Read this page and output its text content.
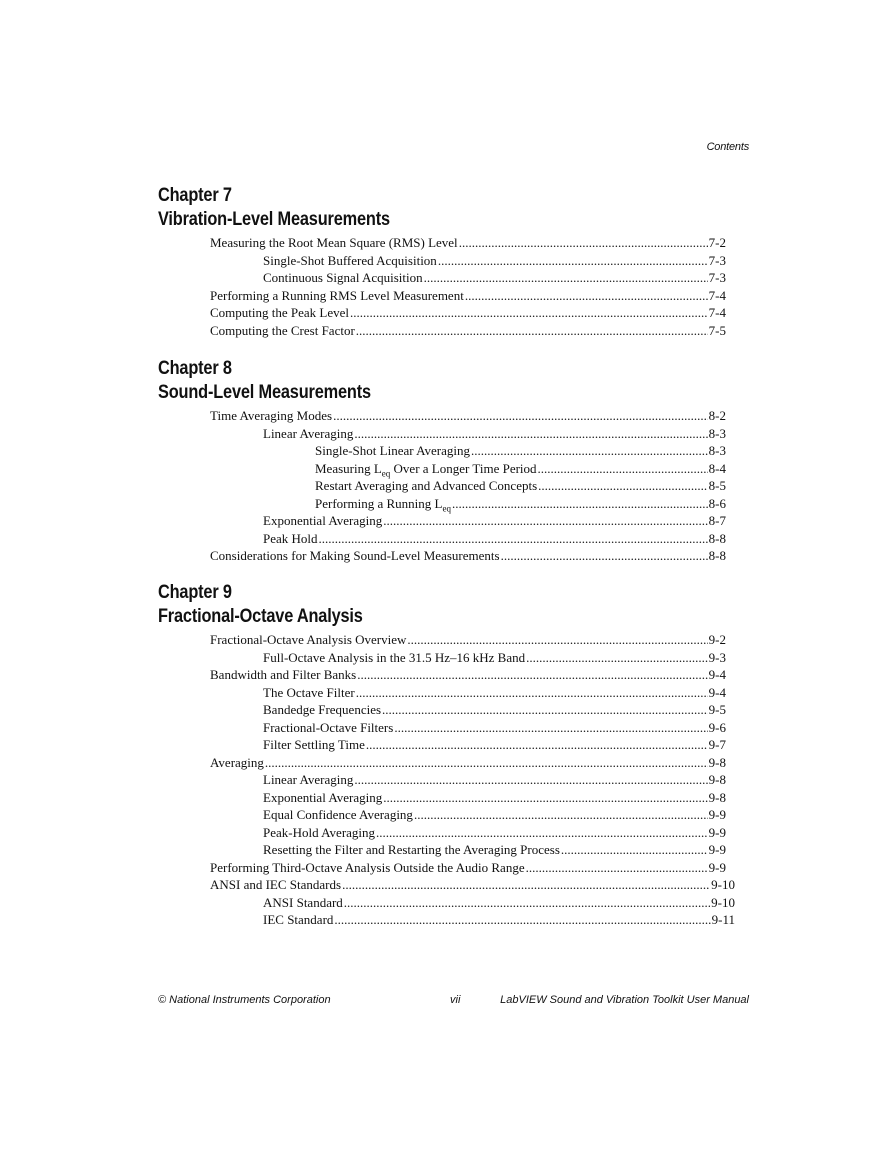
Contents
Chapter 7
Vibration-Level Measurements
Measuring the Root Mean Square (RMS) Level .....	7-2
Single-Shot Buffered Acquisition .....	7-3
Continuous Signal Acquisition .....	7-3
Performing a Running RMS Level Measurement .....	7-4
Computing the Peak Level .....	7-4
Computing the Crest Factor .....	7-5
Chapter 8
Sound-Level Measurements
Time Averaging Modes .....	8-2
Linear Averaging .....	8-3
Single-Shot Linear Averaging .....	8-3
Measuring $L_{eq}$ Over a Longer Time Period .....	8-4
Restart Averaging and Advanced Concepts .....	8-5
Performing a Running $L_{eq}$ .....	8-6
Exponential Averaging .....	8-7
Peak Hold .....	8-8
Considerations for Making Sound-Level Measurements .....	8-8
Chapter 9
Fractional-Octave Analysis
Fractional-Octave Analysis Overview .....	9-2
Full-Octave Analysis in the 31.5 Hz–16 kHz Band .....	9-3
Bandwidth and Filter Banks .....	9-4
The Octave Filter .....	9-4
Bandedge Frequencies .....	9-5
Fractional-Octave Filters .....	9-6
Filter Settling Time .....	9-7
Averaging .....	9-8
Linear Averaging .....	9-8
Exponential Averaging .....	9-8
Equal Confidence Averaging .....	9-9
Peak-Hold Averaging .....	9-9
Resetting the Filter and Restarting the Averaging Process .....	9-9
Performing Third-Octave Analysis Outside the Audio Range .....	9-9
ANSI and IEC Standards .....	9-10
ANSI Standard .....	9-10
IEC Standard .....	9-11
© National Instruments Corporation	vii	LabVIEW Sound and Vibration Toolkit User Manual
